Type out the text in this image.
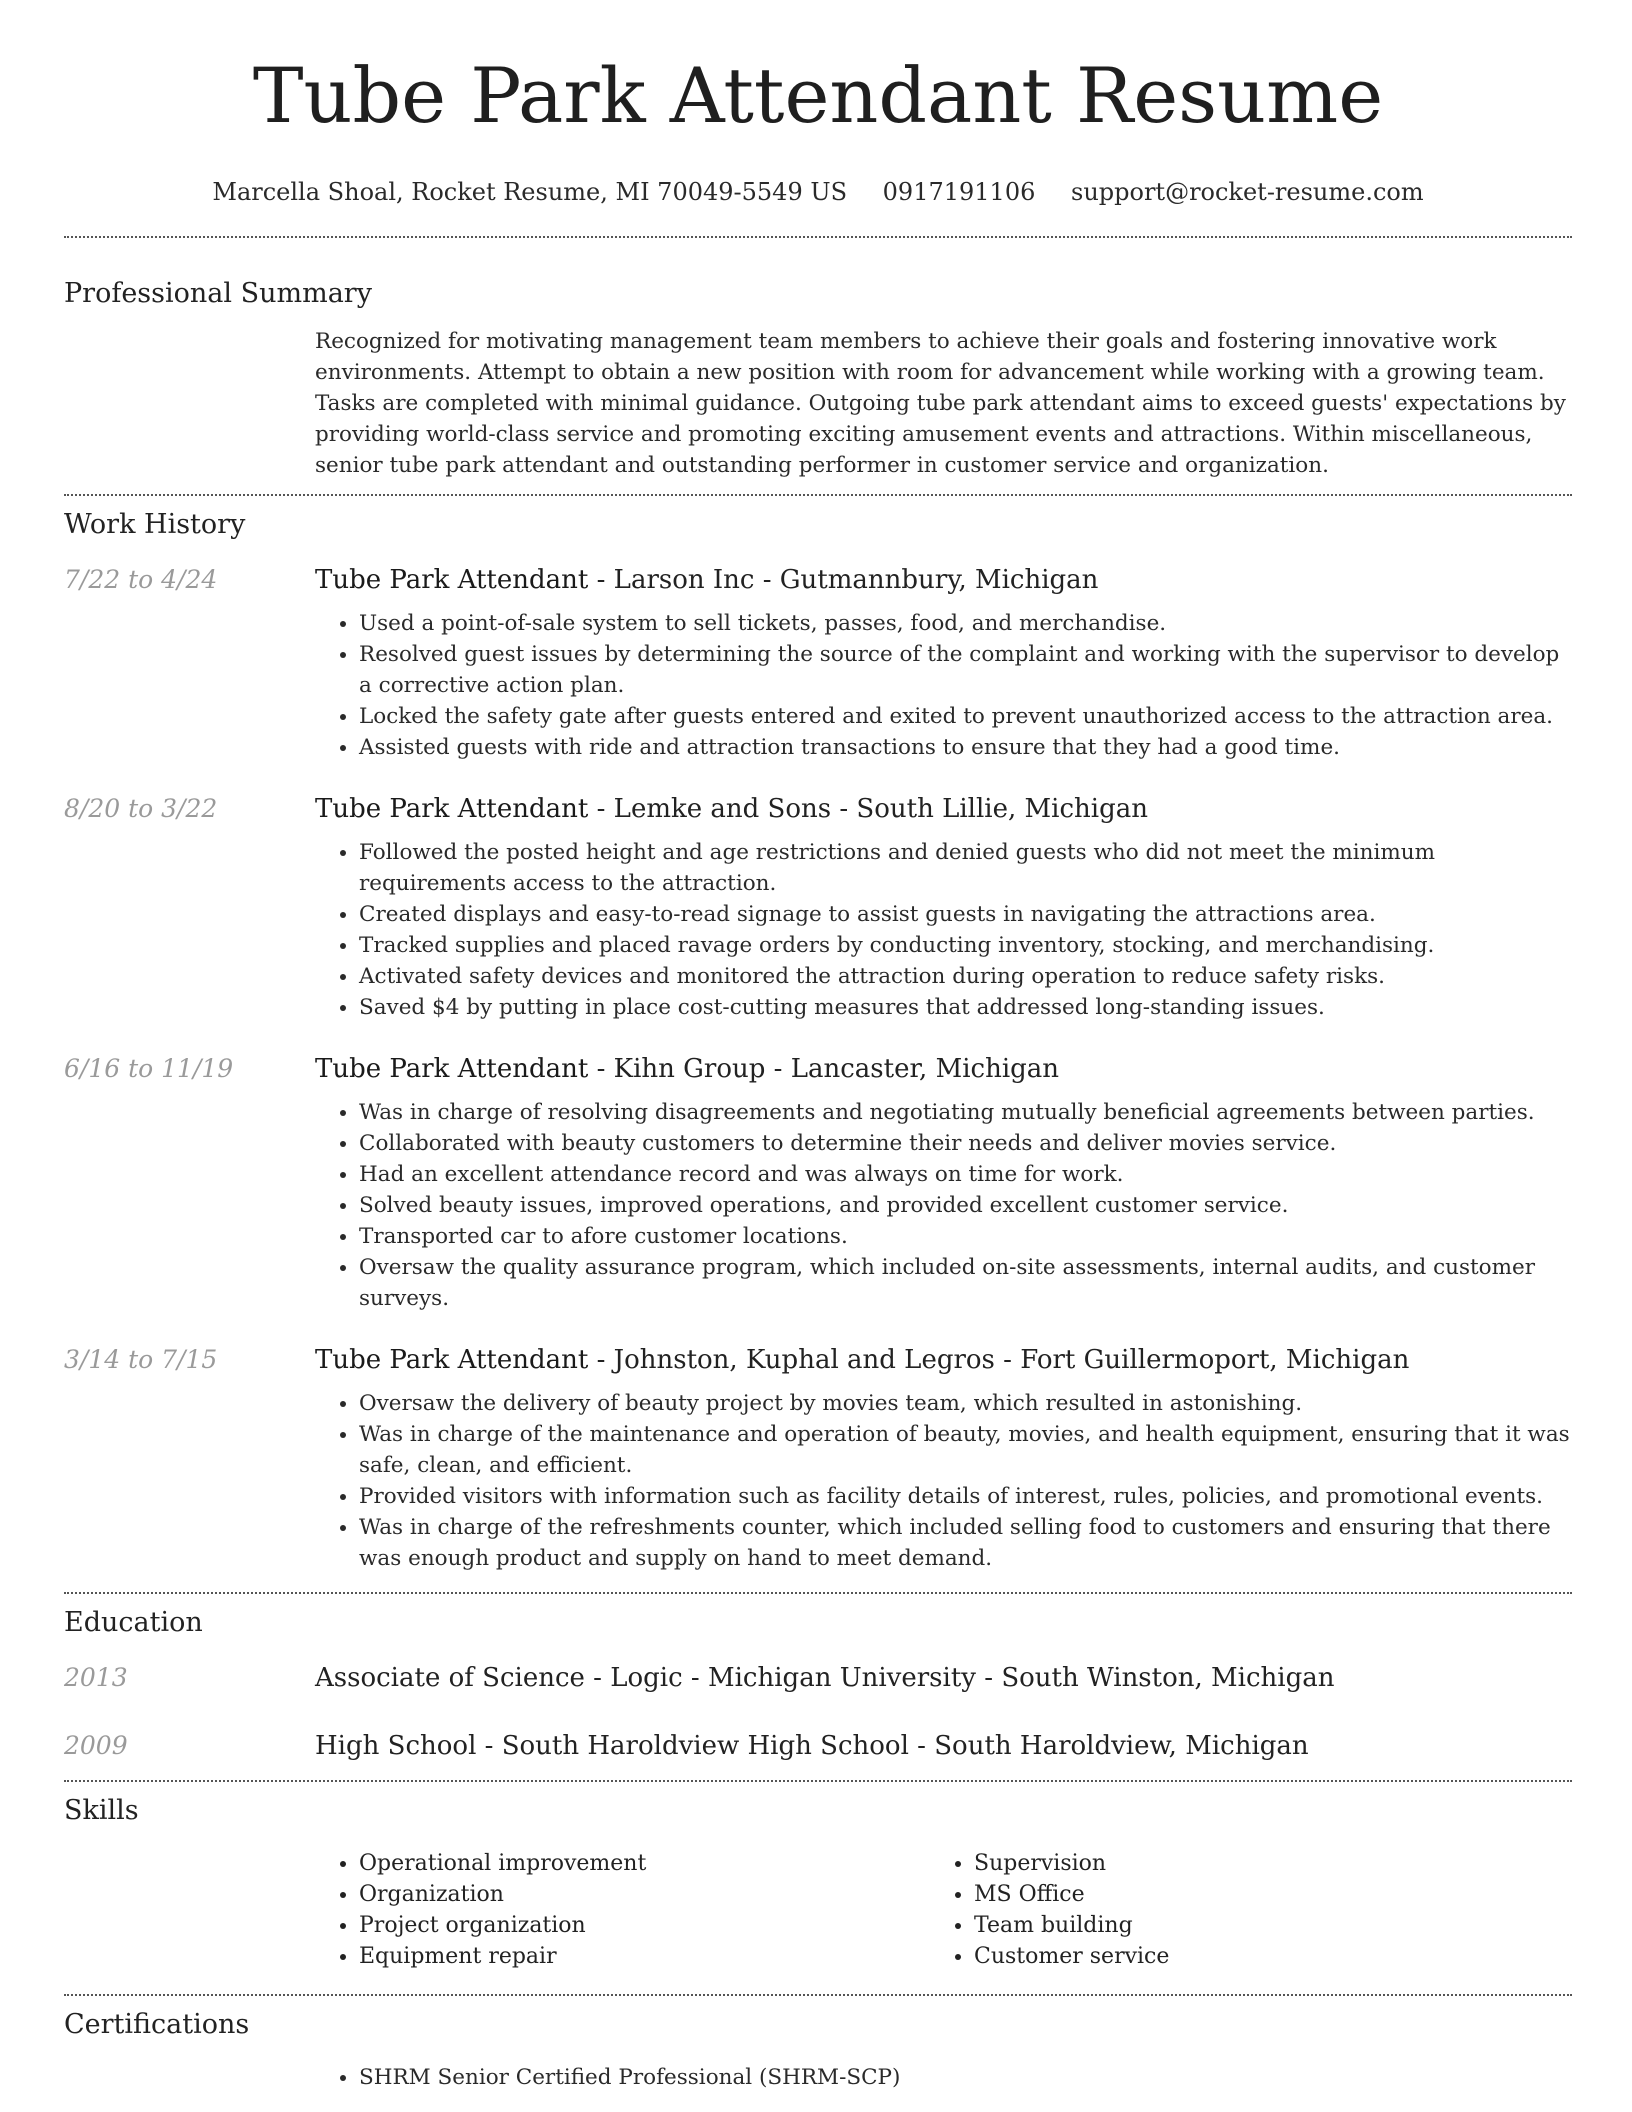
Tube Park Attendant Resume
Marcella Shoal, Rocket Resume, MI 70049-5549 US 0917191106 support@rocket-resume.com
Professional Summary

Recognized for motivating management team members to achieve their goals and fostering innovative work environments. Attempt to obtain a new position with room for advancement while working with a growing team. Tasks are completed with minimal guidance. Outgoing tube park attendant aims to exceed guests' expectations by providing world-class service and promoting exciting amusement events and attractions. Within miscellaneous, senior tube park attendant and outstanding performer in customer service and organization.

Work History
7/22 to 4/24	Tube Park Attendant - Larson Inc - Gutmannbury, Michigan
• Used a point-of-sale system to sell tickets, passes, food, and merchandise.
• Resolved guest issues by determining the source of the complaint and working with the supervisor to develop a corrective action plan.
• Locked the safety gate after guests entered and exited to prevent unauthorized access to the attraction area.
• Assisted guests with ride and attraction transactions to ensure that they had a good time.
8/20 to 3/22	Tube Park Attendant - Lemke and Sons - South Lillie, Michigan
• Followed the posted height and age restrictions and denied guests who did not meet the minimum requirements access to the attraction.
• Created displays and easy-to-read signage to assist guests in navigating the attractions area.
• Tracked supplies and placed ravage orders by conducting inventory, stocking, and merchandising.
• Activated safety devices and monitored the attraction during operation to reduce safety risks.
• Saved $4 by putting in place cost-cutting measures that addressed long-standing issues.
6/16 to 11/19	Tube Park Attendant - Kihn Group - Lancaster, Michigan
• Was in charge of resolving disagreements and negotiating mutually beneficial agreements between parties.
• Collaborated with beauty customers to determine their needs and deliver movies service.
• Had an excellent attendance record and was always on time for work.
• Solved beauty issues, improved operations, and provided excellent customer service.
• Transported car to afore customer locations.
• Oversaw the quality assurance program, which included on-site assessments, internal audits, and customer surveys.
3/14 to 7/15	Tube Park Attendant - Johnston, Kuphal and Legros - Fort Guillermoport, Michigan
• Oversaw the delivery of beauty project by movies team, which resulted in astonishing.
• Was in charge of the maintenance and operation of beauty, movies, and health equipment, ensuring that it was safe, clean, and efficient.
• Provided visitors with information such as facility details of interest, rules, policies, and promotional events.
• Was in charge of the refreshments counter, which included selling food to customers and ensuring that there was enough product and supply on hand to meet demand.
Education
2013	Associate of Science - Logic - Michigan University - South Winston, Michigan
2009	High School - South Haroldview High School - South Haroldview, Michigan
Skills
• Operational improvement
• Organization
• Project organization
• Equipment repair
• Supervision
• MS Office
• Team building
• Customer service
Certifications
• SHRM Senior Certified Professional (SHRM-SCP)
